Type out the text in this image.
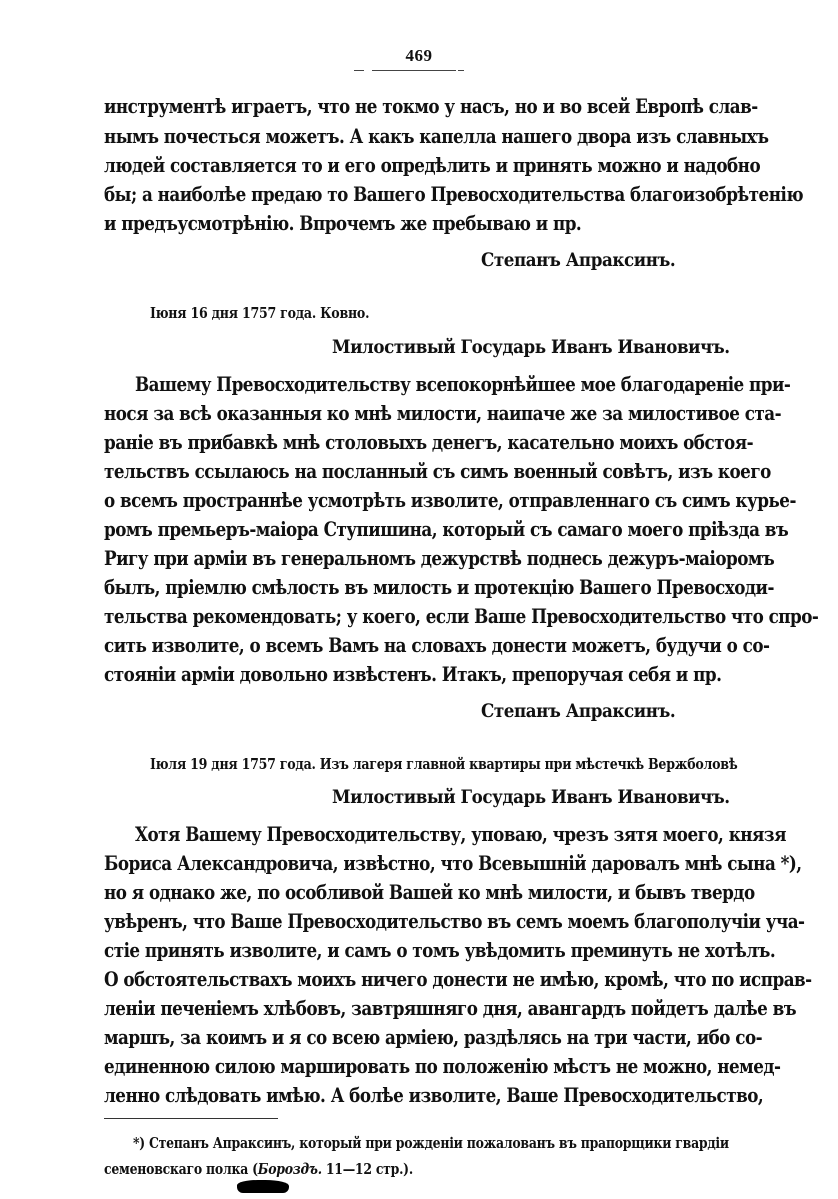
469
инструментѣ играетъ, что не токмо у насъ, но и во всей Европѣ слав-
нымъ почесться можетъ. А какъ капелла нашего двора изъ славныхъ
людей составляется то и его опредѣлить и принять можно и надобно
бы; а наиболѣе предаю то Вашего Превосходительства благоизобрѣтенію
и предъусмотрѣнію. Впрочемъ же пребываю и пр.
Степанъ Апраксинъ.
Іюня 16 дня 1757 года. Ковно.
Милостивый Государь Иванъ Ивановичъ.
Вашему Превосходительству всепокорнѣйшее мое благодареніе при-
нося за всѣ оказанныя ко мнѣ милости, наипаче же за милостивое ста-
раніе въ прибавкѣ мнѣ столовыхъ денегъ, касательно моихъ обстоя-
тельствъ ссылаюсь на посланный съ симъ военный совѣтъ, изъ коего
о всемъ пространнѣе усмотрѣть изволите, отправленнаго съ симъ курье-
ромъ премьеръ-маіора Ступишина, который съ самаго моего прiѣзда въ
Ригу при арміи въ генеральномъ дежурствѣ поднесь дежуръ-маіоромъ
былъ, пріемлю смѣлость въ милость и протекцію Вашего Превосходи-
тельства рекомендовать; у коего, если Ваше Превосходительство что спро-
сить изволите, о всемъ Вамъ на словахъ донести можетъ, будучи о со-
стояніи арміи довольно извѣстенъ. Итакъ, препоручая себя и пр.
Степанъ Апраксинъ.
Іюля 19 дня 1757 года. Изъ лагеря главной квартиры при мѣстечкѣ Вержболовѣ
Милостивый Государь Иванъ Ивановичъ.
Хотя Вашему Превосходительству, уповаю, чрезъ зятя моего, князя
Бориса Александровича, извѣстно, что Всевышній даровалъ мнѣ сына *),
но я однако же, по особливой Вашей ко мнѣ милости, и бывъ твердо
увѣренъ, что Ваше Превосходительство въ семъ моемъ благополучіи уча-
стіе принять изволите, и самъ о томъ увѣдомить преминуть не хотѣлъ.
О обстоятельствахъ моихъ ничего донести не имѣю, кромѣ, что по исправ-
леніи печеніемъ хлѣбовъ, завтряшняго дня, авангардъ пойдетъ далѣе въ
маршъ, за коимъ и я со всею арміею, раздѣлясь на три части, ибо со-
единенною силою маршировать по положенію мѣстъ не можно, немед-
ленно слѣдовать имѣю. А болѣе изволите, Ваше Превосходительство,
*) Степанъ Апраксинъ, который при рожденіи пожалованъ въ прапорщики гвардіи
семеновскаго полка (Бороздъ. 11—12 стр.).
